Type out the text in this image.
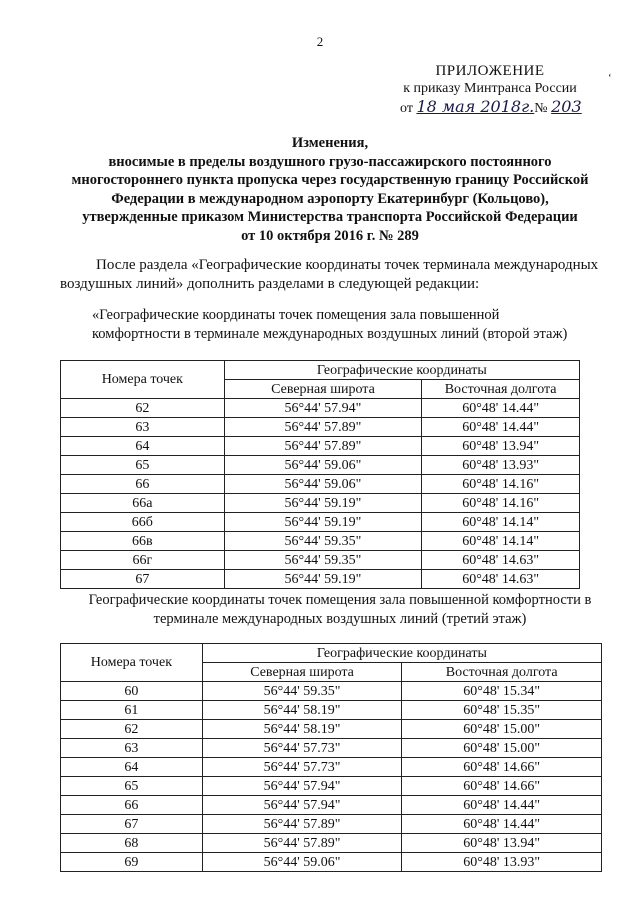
2
ПРИЛОЖЕНИЕ
к приказу Минтранса России
от 18 мая 2018г.№ 203
‘
Изменения,
вносимые в пределы воздушного грузо-пассажирского постоянного
многостороннего пункта пропуска через государственную границу Российской
Федерации в международном аэропорту Екатеринбург (Кольцово),
утвержденные приказом Министерства транспорта Российской Федерации
от 10 октября 2016 г. № 289
После раздела «Географические координаты точек терминала международных
воздушных линий» дополнить разделами в следующей редакции:
«Географические координаты точек помещения зала повышенной
комфортности в терминале международных воздушных линий (второй этаж)
Номера точек	Географические координаты	
	Северная широта	Восточная долгота
62	56°44' 57.94"	60°48' 14.44"
63	56°44' 57.89"	60°48' 14.44"
64	56°44' 57.89"	60°48' 13.94"
65	56°44' 59.06"	60°48' 13.93"
66	56°44' 59.06"	60°48' 14.16"
66а	56°44' 59.19"	60°48' 14.16"
66б	56°44' 59.19"	60°48' 14.14"
66в	56°44' 59.35"	60°48' 14.14"
66г	56°44' 59.35"	60°48' 14.63"
67	56°44' 59.19"	60°48' 14.63"
Географические координаты точек помещения зала повышенной комфортности в
терминале международных воздушных линий (третий этаж)
Номера точек	Географические координаты	
	Северная широта	Восточная долгота
60	56°44' 59.35"	60°48' 15.34"
61	56°44' 58.19"	60°48' 15.35"
62	56°44' 58.19"	60°48' 15.00"
63	56°44' 57.73"	60°48' 15.00"
64	56°44' 57.73"	60°48' 14.66"
65	56°44' 57.94"	60°48' 14.66"
66	56°44' 57.94"	60°48' 14.44"
67	56°44' 57.89"	60°48' 14.44"
68	56°44' 57.89"	60°48' 13.94"
69	56°44' 59.06"	60°48' 13.93"
